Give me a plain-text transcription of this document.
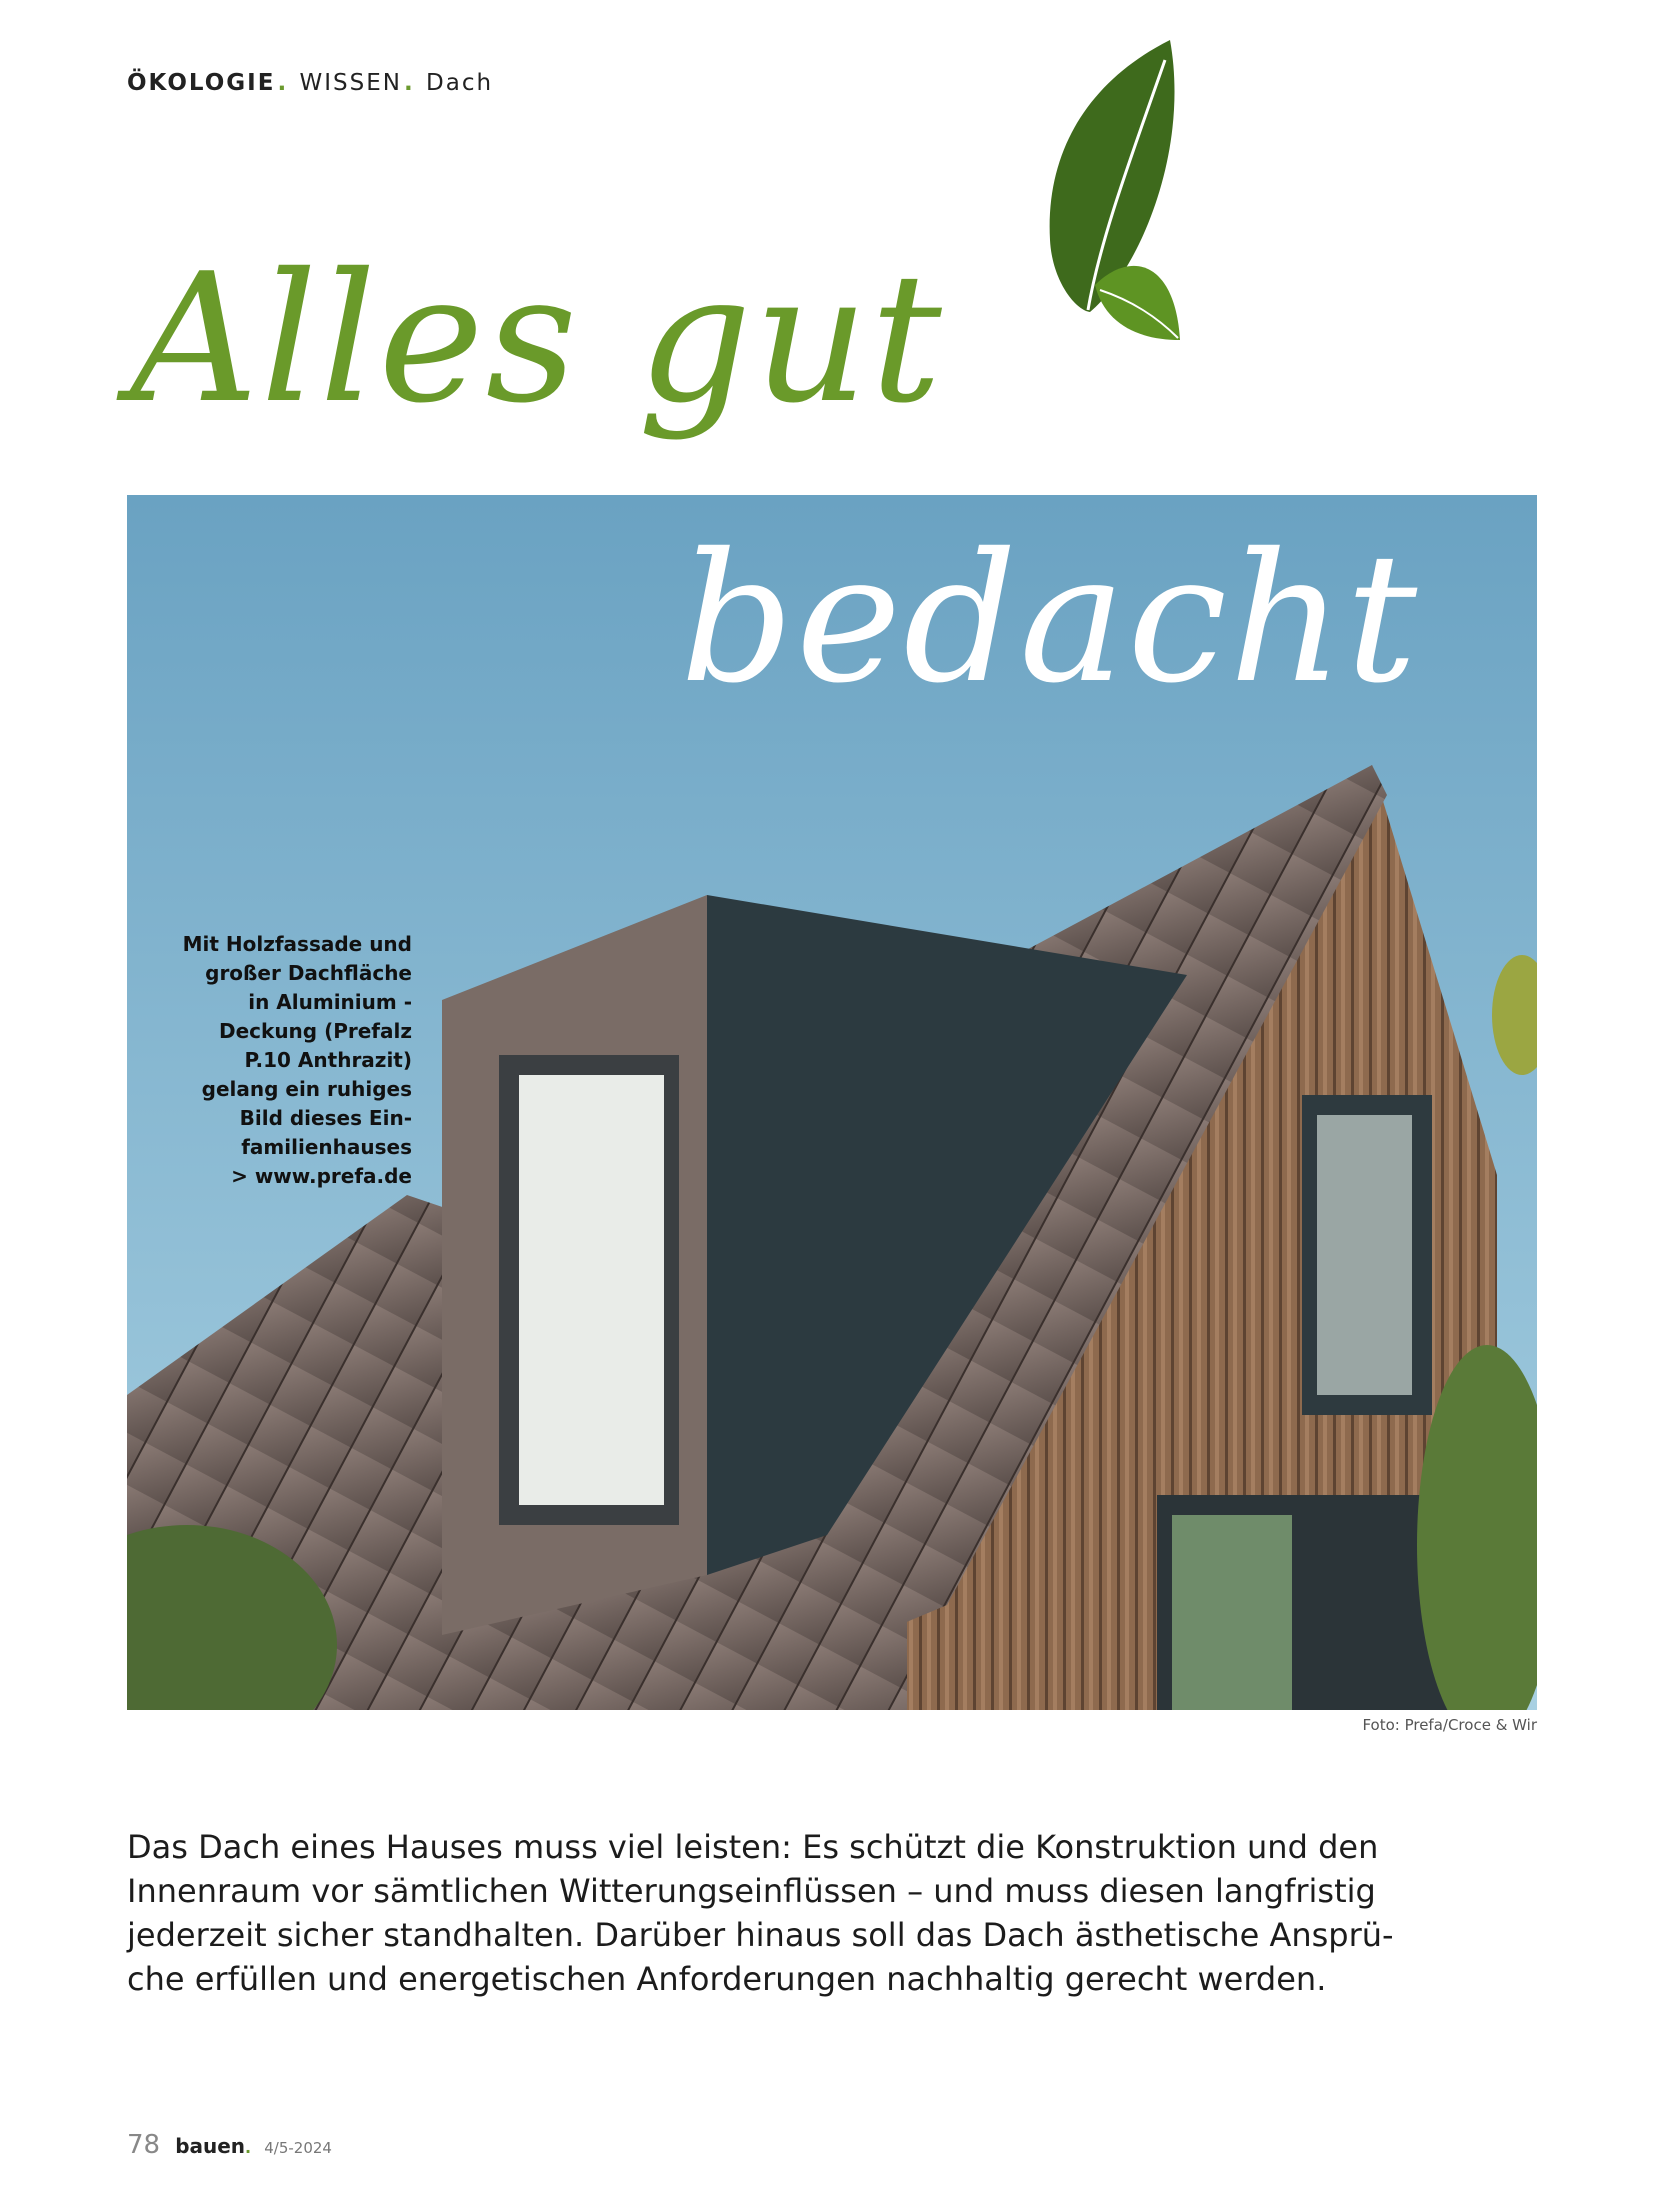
ÖKOLOGIE. WISSEN. Dach
Alles gut
bedacht
Mit Holzfassade und
großer Dachfläche
in Aluminium -
Deckung (Prefalz
P.10 Anthrazit)
gelang ein ruhiges
Bild dieses Ein-
familienhauses
> www.prefa.de
Foto: Prefa/Croce & Wir
Das Dach eines Hauses muss viel leisten: Es schützt die Konstruktion und den
Innenraum vor sämtlichen Witterungseinflüssen – und muss diesen langfristig
jederzeit sicher standhalten. Darüber hinaus soll das Dach ästhetische Ansprü-
che erfüllen und energetischen Anforderungen nachhaltig gerecht werden.
78 bauen. 4/5-2024
